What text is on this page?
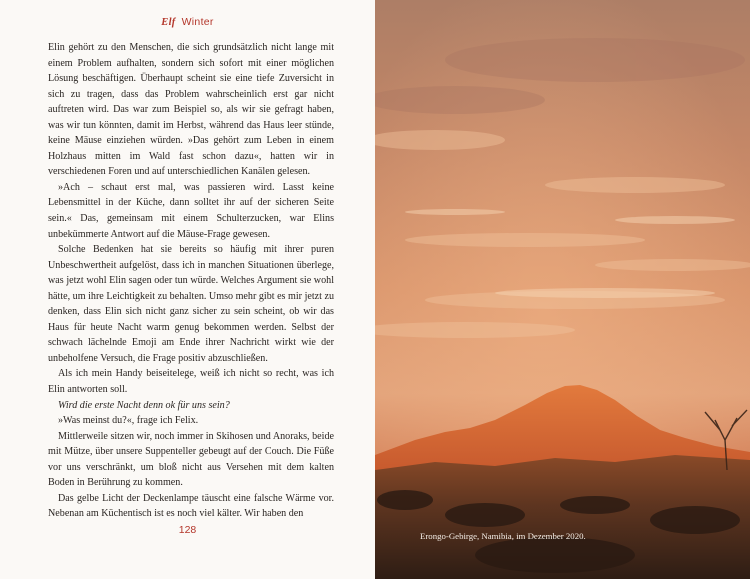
Elf Winter

Elin gehört zu den Menschen, die sich grundsätzlich nicht lange mit einem Problem aufhalten, sondern sich sofort mit einer möglichen Lösung beschäftigen. Überhaupt scheint sie eine tiefe Zuversicht in sich zu tragen, dass das Problem wahrscheinlich erst gar nicht auftreten wird. Das war zum Beispiel so, als wir sie gefragt haben, was wir tun könnten, damit im Herbst, während das Haus leer stünde, keine Mäuse einziehen würden. »Das gehört zum Leben in einem Holzhaus mitten im Wald fast schon dazu«, hatten wir in verschiedenen Foren und auf unterschiedlichen Kanälen gelesen.

»Ach – schaut erst mal, was passieren wird. Lasst keine Lebensmittel in der Küche, dann solltet ihr auf der sicheren Seite sein.« Das, gemeinsam mit einem Schulterzucken, war Elins unbekümmerte Antwort auf die Mäuse-Frage gewesen.

Solche Bedenken hat sie bereits so häufig mit ihrer puren Unbeschwertheit aufgelöst, dass ich in manchen Situationen überlege, was jetzt wohl Elin sagen oder tun würde. Welches Argument sie wohl hätte, um ihre Leichtigkeit zu behalten. Umso mehr gibt es mir jetzt zu denken, dass Elin sich nicht ganz sicher zu sein scheint, ob wir das Haus für heute Nacht warm genug bekommen werden. Selbst der schwach lächelnde Emoji am Ende ihrer Nachricht wirkt wie der unbeholfene Versuch, die Frage positiv abzuschließen.

Als ich mein Handy beiseitelege, weiß ich nicht so recht, was ich Elin antworten soll.

Wird die erste Nacht denn ok für uns sein?

»Was meinst du?«, frage ich Felix.

Mittlerweile sitzen wir, noch immer in Skihosen und Anoraks, beide mit Mütze, über unsere Suppenteller gebeugt auf der Couch. Die Füße vor uns verschränkt, um bloß nicht aus Versehen mit dem kalten Boden in Berührung zu kommen.

Das gelbe Licht der Deckenlampe täuscht eine falsche Wärme vor. Nebenan am Küchentisch ist es noch viel kälter. Wir haben den

128	Erongo-Gebirge, Namibia, im Dezember 2020.
